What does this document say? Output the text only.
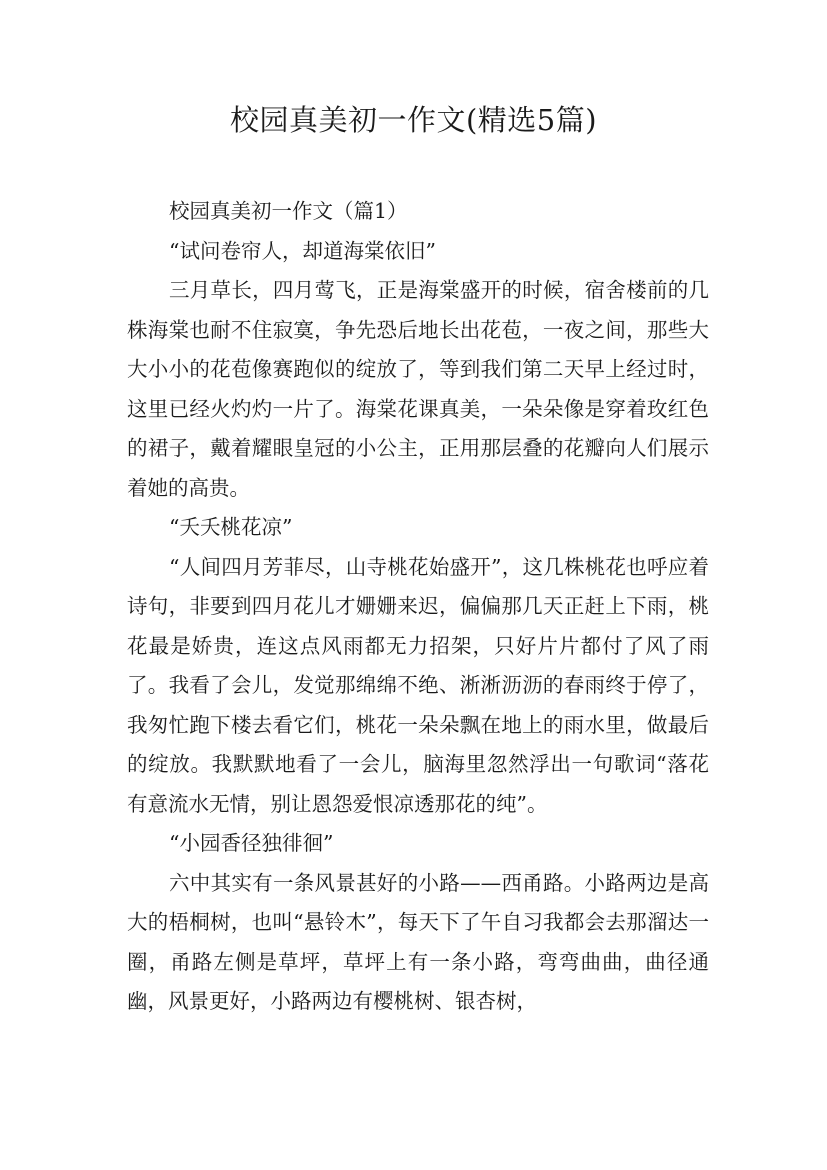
校园真美初一作文(精选5篇)

校园真美初一作文（篇1）

“试问卷帘人，却道海棠依旧”

三月草长，四月莺飞，正是海棠盛开的时候，宿舍楼前的几株海棠也耐不住寂寞，争先恐后地长出花苞，一夜之间，那些大大小小的花苞像赛跑似的绽放了，等到我们第二天早上经过时，这里已经火灼灼一片了。海棠花课真美，一朵朵像是穿着玫红色的裙子，戴着耀眼皇冠的小公主，正用那层叠的花瓣向人们展示着她的高贵。

“夭夭桃花凉”

“人间四月芳菲尽，山寺桃花始盛开”，这几株桃花也呼应着诗句，非要到四月花儿才姗姗来迟，偏偏那几天正赶上下雨，桃花最是娇贵，连这点风雨都无力招架，只好片片都付了风了雨了。我看了会儿，发觉那绵绵不绝、淅淅沥沥的春雨终于停了，我匆忙跑下楼去看它们，桃花一朵朵飘在地上的雨水里，做最后的绽放。我默默地看了一会儿，脑海里忽然浮出一句歌词“落花有意流水无情，别让恩怨爱恨凉透那花的纯”。

“小园香径独徘徊”

六中其实有一条风景甚好的小路——西甬路。小路两边是高大的梧桐树，也叫“悬铃木”，每天下了午自习我都会去那溜达一圈，甬路左侧是草坪，草坪上有一条小路，弯弯曲曲，曲径通幽，风景更好，小路两边有樱桃树、银杏树，
